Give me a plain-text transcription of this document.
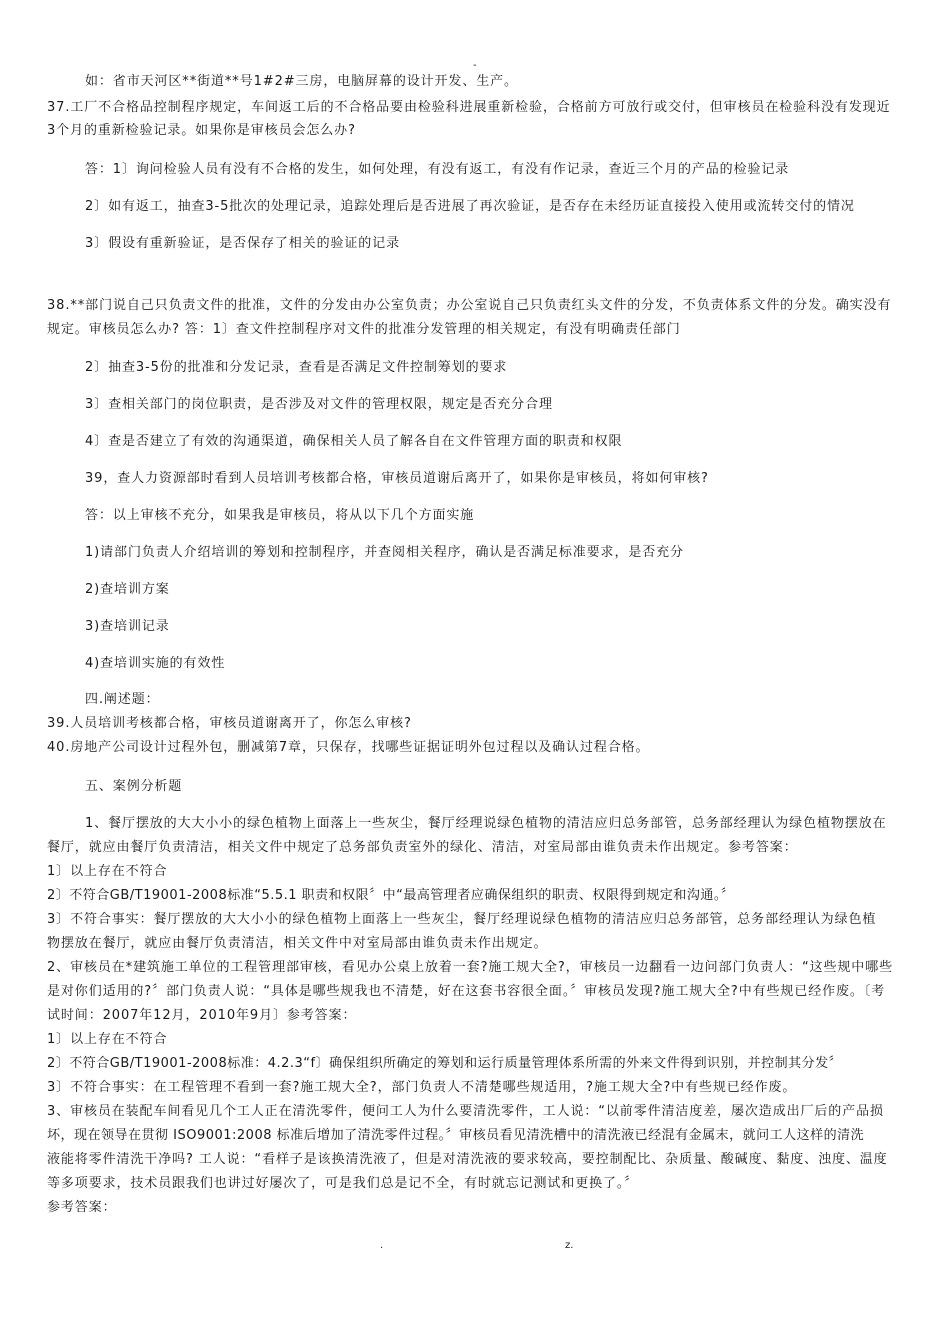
-
如：省市天河区**街道**号1#2#三房，电脑屏幕的设计开发、生产。
37.工厂不合格品控制程序规定，车间返工后的不合格品要由检验科进展重新检验，合格前方可放行或交付，但审核员在检验科没有发现近
3个月的重新检验记录。如果你是审核员会怎么办?
答：1〕询问检验人员有没有不合格的发生，如何处理，有没有返工，有没有作记录，查近三个月的产品的检验记录
2〕如有返工，抽查3-5批次的处理记录，追踪处理后是否进展了再次验证，是否存在未经历证直接投入使用或流转交付的情况
3〕假设有重新验证，是否保存了相关的验证的记录
38.**部门说自己只负责文件的批准，文件的分发由办公室负责；办公室说自己只负责红头文件的分发，不负责体系文件的分发。确实没有
规定。审核员怎么办? 答：1〕查文件控制程序对文件的批准分发管理的相关规定，有没有明确责任部门
2〕抽查3-5份的批准和分发记录，查看是否满足文件控制筹划的要求
3〕查相关部门的岗位职责，是否涉及对文件的管理权限，规定是否充分合理
4〕查是否建立了有效的沟通渠道，确保相关人员了解各自在文件管理方面的职责和权限
39，查人力资源部时看到人员培训考核都合格，审核员道谢后离开了，如果你是审核员，将如何审核?
答：以上审核不充分，如果我是审核员，将从以下几个方面实施
1)请部门负责人介绍培训的筹划和控制程序，并查阅相关程序，确认是否满足标准要求，是否充分
2)查培训方案
3)查培训记录
4)查培训实施的有效性
四.阐述题：
39.人员培训考核都合格，审核员道谢离开了，你怎么审核?
40.房地产公司设计过程外包，删减第7章，只保存，找哪些证据证明外包过程以及确认过程合格。
五、案例分析题
1、餐厅摆放的大大小小的绿色植物上面落上一些灰尘，餐厅经理说绿色植物的清洁应归总务部管，总务部经理认为绿色植物摆放在
餐厅，就应由餐厅负责清洁，相关文件中规定了总务部负责室外的绿化、清洁，对室局部由谁负责未作出规定。参考答案：
1〕以上存在不符合
2〕不符合GB/T19001-2008标准“5.5.1 职责和权限〞中“最高管理者应确保组织的职责、权限得到规定和沟通。〞
3〕不符合事实：餐厅摆放的大大小小的绿色植物上面落上一些灰尘，餐厅经理说绿色植物的清洁应归总务部管，总务部经理认为绿色植
物摆放在餐厅，就应由餐厅负责清洁，相关文件中对室局部由谁负责未作出规定。
2、审核员在*建筑施工单位的工程管理部审核，看见办公桌上放着一套?施工规大全?，审核员一边翻看一边问部门负责人：“这些规中哪些
是对你们适用的?〞部门负责人说：“具体是哪些规我也不清楚，好在这套书容很全面。〞审核员发现?施工规大全?中有些规已经作废。〔考
试时间：2007年12月，2010年9月〕参考答案：
1〕以上存在不符合
2〕不符合GB/T19001-2008标准：4.2.3“f〕确保组织所确定的筹划和运行质量管理体系所需的外来文件得到识别，并控制其分发〞
3〕不符合事实：在工程管理不看到一套?施工规大全?，部门负责人不清楚哪些规适用，?施工规大全?中有些规已经作废。
3、审核员在装配车间看见几个工人正在清洗零件，便问工人为什么要清洗零件，工人说：“以前零件清洁度差，屡次造成出厂后的产品损
坏，现在领导在贯彻 ISO9001:2008 标准后增加了清洗零件过程。〞审核员看见清洗槽中的清洗液已经混有金属末，就问工人这样的清洗
液能将零件清洗干净吗? 工人说：“看样子是该换清洗液了，但是对清洗液的要求较高，要控制配比、杂质量、酸碱度、黏度、浊度、温度
等多项要求，技术员跟我们也讲过好屡次了，可是我们总是记不全，有时就忘记测试和更换了。〞
参考答案：
.	z.
